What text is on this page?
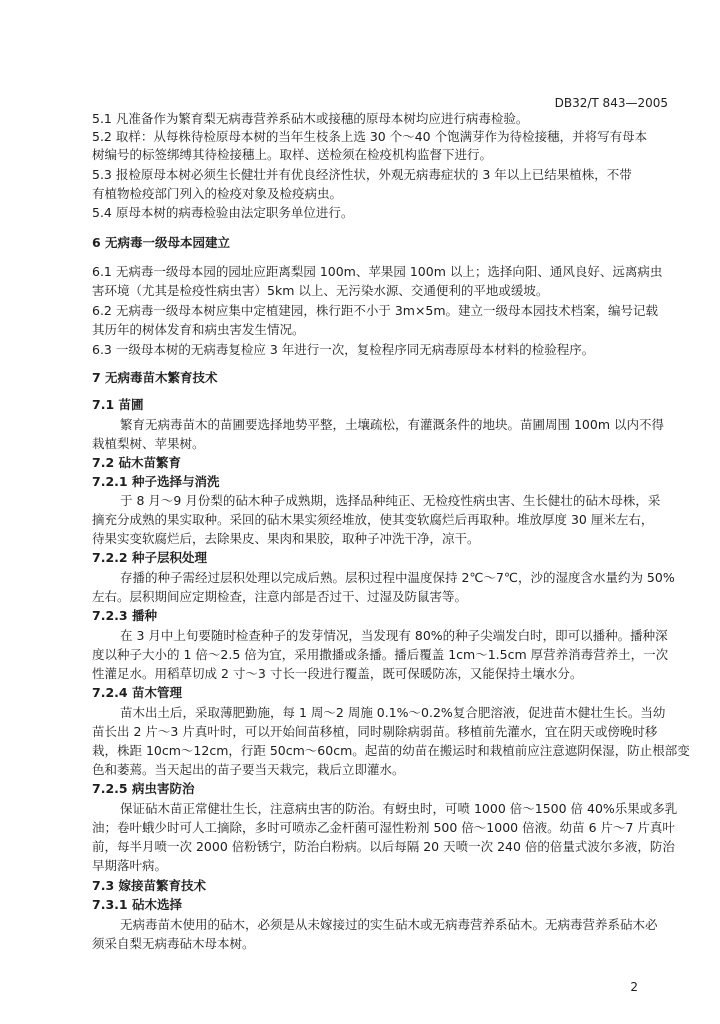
DB32/T 843—2005
5.1 凡准备作为繁育梨无病毒营养系砧木或接穗的原母本树均应进行病毒检验。
5.2 取样：从每株待检原母本树的当年生枝条上选 30 个～40 个饱满芽作为待检接穗，并将写有母本
树编号的标签绑缚其待检接穗上。取样、送检须在检疫机构监督下进行。
5.3 报检原母本树必须生长健壮并有优良经济性状，外观无病毒症状的 3 年以上已结果植株，不带
有植物检疫部门列入的检疫对象及检疫病虫。
5.4 原母本树的病毒检验由法定职务单位进行。
6 无病毒一级母本园建立
6.1 无病毒一级母本园的园址应距离梨园 100m、苹果园 100m 以上；选择向阳、通风良好、远离病虫
害环境（尤其是检疫性病虫害）5km 以上、无污染水源、交通便利的平地或缓坡。
6.2 无病毒一级母本树应集中定植建园，株行距不小于 3m×5m。建立一级母本园技术档案，编号记载
其历年的树体发育和病虫害发生情况。
6.3 一级母本树的无病毒复检应 3 年进行一次，复检程序同无病毒原母本材料的检验程序。
7 无病毒苗木繁育技术
7.1 苗圃
繁育无病毒苗木的苗圃要选择地势平整，土壤疏松，有灌溉条件的地块。苗圃周围 100m 以内不得
栽植梨树、苹果树。
7.2 砧木苗繁育
7.2.1 种子选择与消洗
于 8 月～9 月份梨的砧木种子成熟期，选择品种纯正、无检疫性病虫害、生长健壮的砧木母株，采
摘充分成熟的果实取种。采回的砧木果实须经堆放，使其变软腐烂后再取种。堆放厚度 30 厘米左右，
待果实变软腐烂后，去除果皮、果肉和果胶，取种子冲洗干净，凉干。
7.2.2 种子层积处理
存播的种子需经过层积处理以完成后熟。层积过程中温度保持 2℃～7℃，沙的湿度含水量约为 50%
左右。层积期间应定期检查，注意内部是否过干、过湿及防鼠害等。
7.2.3 播种
在 3 月中上旬要随时检查种子的发芽情况，当发现有 80%的种子尖端发白时，即可以播种。播种深
度以种子大小的 1 倍～2.5 倍为宜，采用撒播或条播。播后覆盖 1cm～1.5cm 厚营养消毒营养土，一次
性灌足水。用稻草切成 2 寸～3 寸长一段进行覆盖，既可保暖防冻，又能保持土壤水分。
7.2.4 苗木管理
苗木出土后，采取薄肥勤施，每 1 周～2 周施 0.1%～0.2%复合肥溶液，促进苗木健壮生长。当幼
苗长出 2 片～3 片真叶时，可以开始间苗移植，同时剔除病弱苗。移植前先灌水，宜在阴天或傍晚时移
栽，株距 10cm～12cm，行距 50cm～60cm。起苗的幼苗在搬运时和栽植前应注意遮阴保湿，防止根部变
色和萎蔫。当天起出的苗子要当天栽完，栽后立即灌水。
7.2.5 病虫害防治
保证砧木苗正常健壮生长，注意病虫害的防治。有蚜虫时，可喷 1000 倍～1500 倍 40%乐果或多乳
油；卷叶蛾少时可人工摘除，多时可喷赤乙金杆菌可湿性粉剂 500 倍～1000 倍液。幼苗 6 片～7 片真叶
前，每半月喷一次 2000 倍粉锈宁，防治白粉病。以后每隔 20 天喷一次 240 倍的倍量式波尔多液，防治
早期落叶病。
7.3 嫁接苗繁育技术
7.3.1 砧木选择
无病毒苗木使用的砧木，必须是从未嫁接过的实生砧木或无病毒营养系砧木。无病毒营养系砧木必
须采自梨无病毒砧木母本树。
2
